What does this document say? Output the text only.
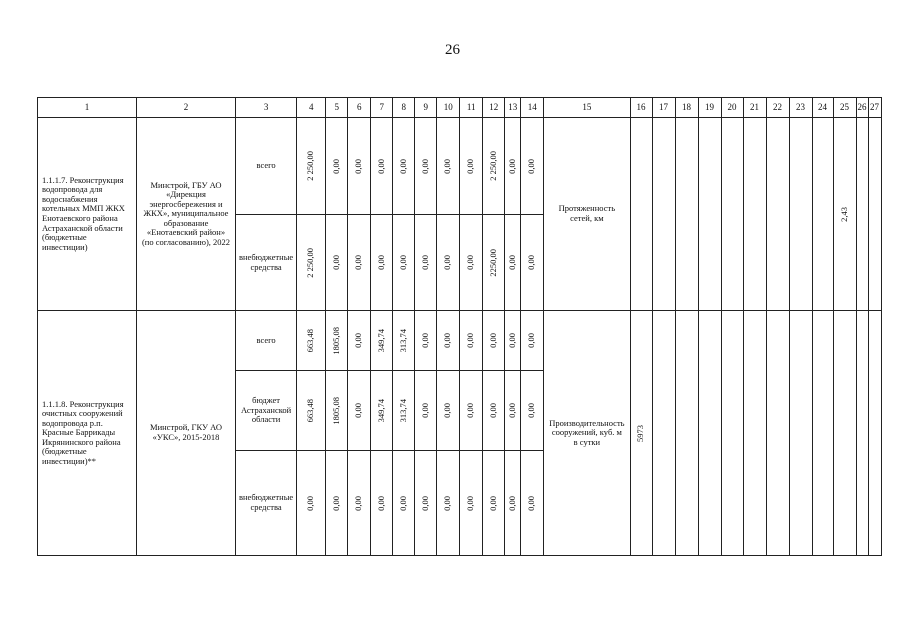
26
1	2	3	4	5	6	7	8	9	10	11	12	13	14	15	16	17	18	19	20	21	22	23	24	25	26	27
1.1.1.7. Реконструкция водопровода для водоснабжения котельных ММП ЖКХ Енотаевского района Астраханской области (бюджетные инвестиции)	Минстрой, ГБУ АО «Дирекция энергосбережения и ЖКХ», муниципальное образование «Енотаевский район» (по согласованию), 2022	всего	2 250,00	0,00	0,00	0,00	0,00	0,00	0,00	0,00	2 250,00	0,00	0,00	Протяженность сетей, км										2,43		

		внебюджетные средства	2 250,00	0,00	0,00	0,00	0,00	0,00	0,00	0,00	2250,00	0,00	0,00													

1.1.1.8. Реконструкция очистных сооружений водопровода р.п. Красные Баррикады Икрянинского района (бюджетные инвестиции)**	Минстрой, ГКУ АО «УКС», 2015-2018	всего	663,48	1805,08	0,00	349,74	313,74	0,00	0,00	0,00	0,00	0,00	0,00	Производительность сооружений, куб. м в сутки	5973											

		бюджет Астраханской области	663,48	1805,08	0,00	349,74	313,74	0,00	0,00	0,00	0,00	0,00	0,00													

		внебюджетные средства	0,00	0,00	0,00	0,00	0,00	0,00	0,00	0,00	0,00	0,00	0,00													
